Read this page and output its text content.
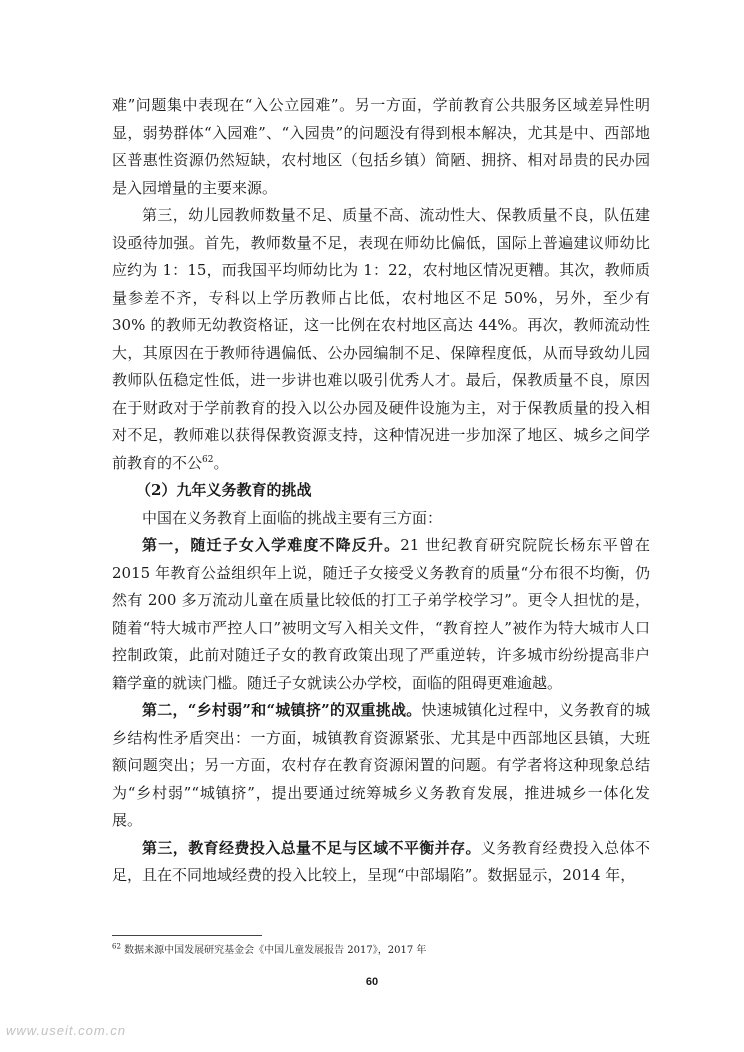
难”问题集中表现在“入公立园难”。另一方面，学前教育公共服务区域差异性明显，弱势群体“入园难”、“入园贵”的问题没有得到根本解决，尤其是中、西部地区普惠性资源仍然短缺，农村地区（包括乡镇）简陋、拥挤、相对昂贵的民办园是入园增量的主要来源。

第三，幼儿园教师数量不足、质量不高、流动性大、保教质量不良，队伍建设亟待加强。首先，教师数量不足，表现在师幼比偏低，国际上普遍建议师幼比应约为 1：15，而我国平均师幼比为 1：22，农村地区情况更糟。其次，教师质量参差不齐，专科以上学历教师占比低，农村地区不足 50%，另外，至少有 30% 的教师无幼教资格证，这一比例在农村地区高达 44%。再次，教师流动性大，其原因在于教师待遇偏低、公办园编制不足、保障程度低，从而导致幼儿园教师队伍稳定性低，进一步讲也难以吸引优秀人才。最后，保教质量不良，原因在于财政对于学前教育的投入以公办园及硬件设施为主，对于保教质量的投入相对不足，教师难以获得保教资源支持，这种情况进一步加深了地区、城乡之间学前教育的不公$^{62}$。

（2）九年义务教育的挑战

中国在义务教育上面临的挑战主要有三方面：

第一，随迁子女入学难度不降反升。21 世纪教育研究院院长杨东平曾在 2015 年教育公益组织年上说，随迁子女接受义务教育的质量“分布很不均衡，仍然有 200 多万流动儿童在质量比较低的打工子弟学校学习”。更令人担忧的是，随着“特大城市严控人口”被明文写入相关文件，“教育控人”被作为特大城市人口控制政策，此前对随迁子女的教育政策出现了严重逆转，许多城市纷纷提高非户籍学童的就读门槛。随迁子女就读公办学校，面临的阻碍更难逾越。

第二，“乡村弱”和“城镇挤”的双重挑战。快速城镇化过程中，义务教育的城乡结构性矛盾突出：一方面，城镇教育资源紧张、尤其是中西部地区县镇，大班额问题突出；另一方面，农村存在教育资源闲置的问题。有学者将这种现象总结为“乡村弱”“城镇挤”，提出要通过统筹城乡义务教育发展，推进城乡一体化发展。

第三，教育经费投入总量不足与区域不平衡并存。义务教育经费投入总体不足，且在不同地域经费的投入比较上，呈现“中部塌陷”。数据显示，2014 年，

$^{62}$ 数据来源中国发展研究基金会《中国儿童发展报告 2017》，2017 年
60
www.useit.com.cn
